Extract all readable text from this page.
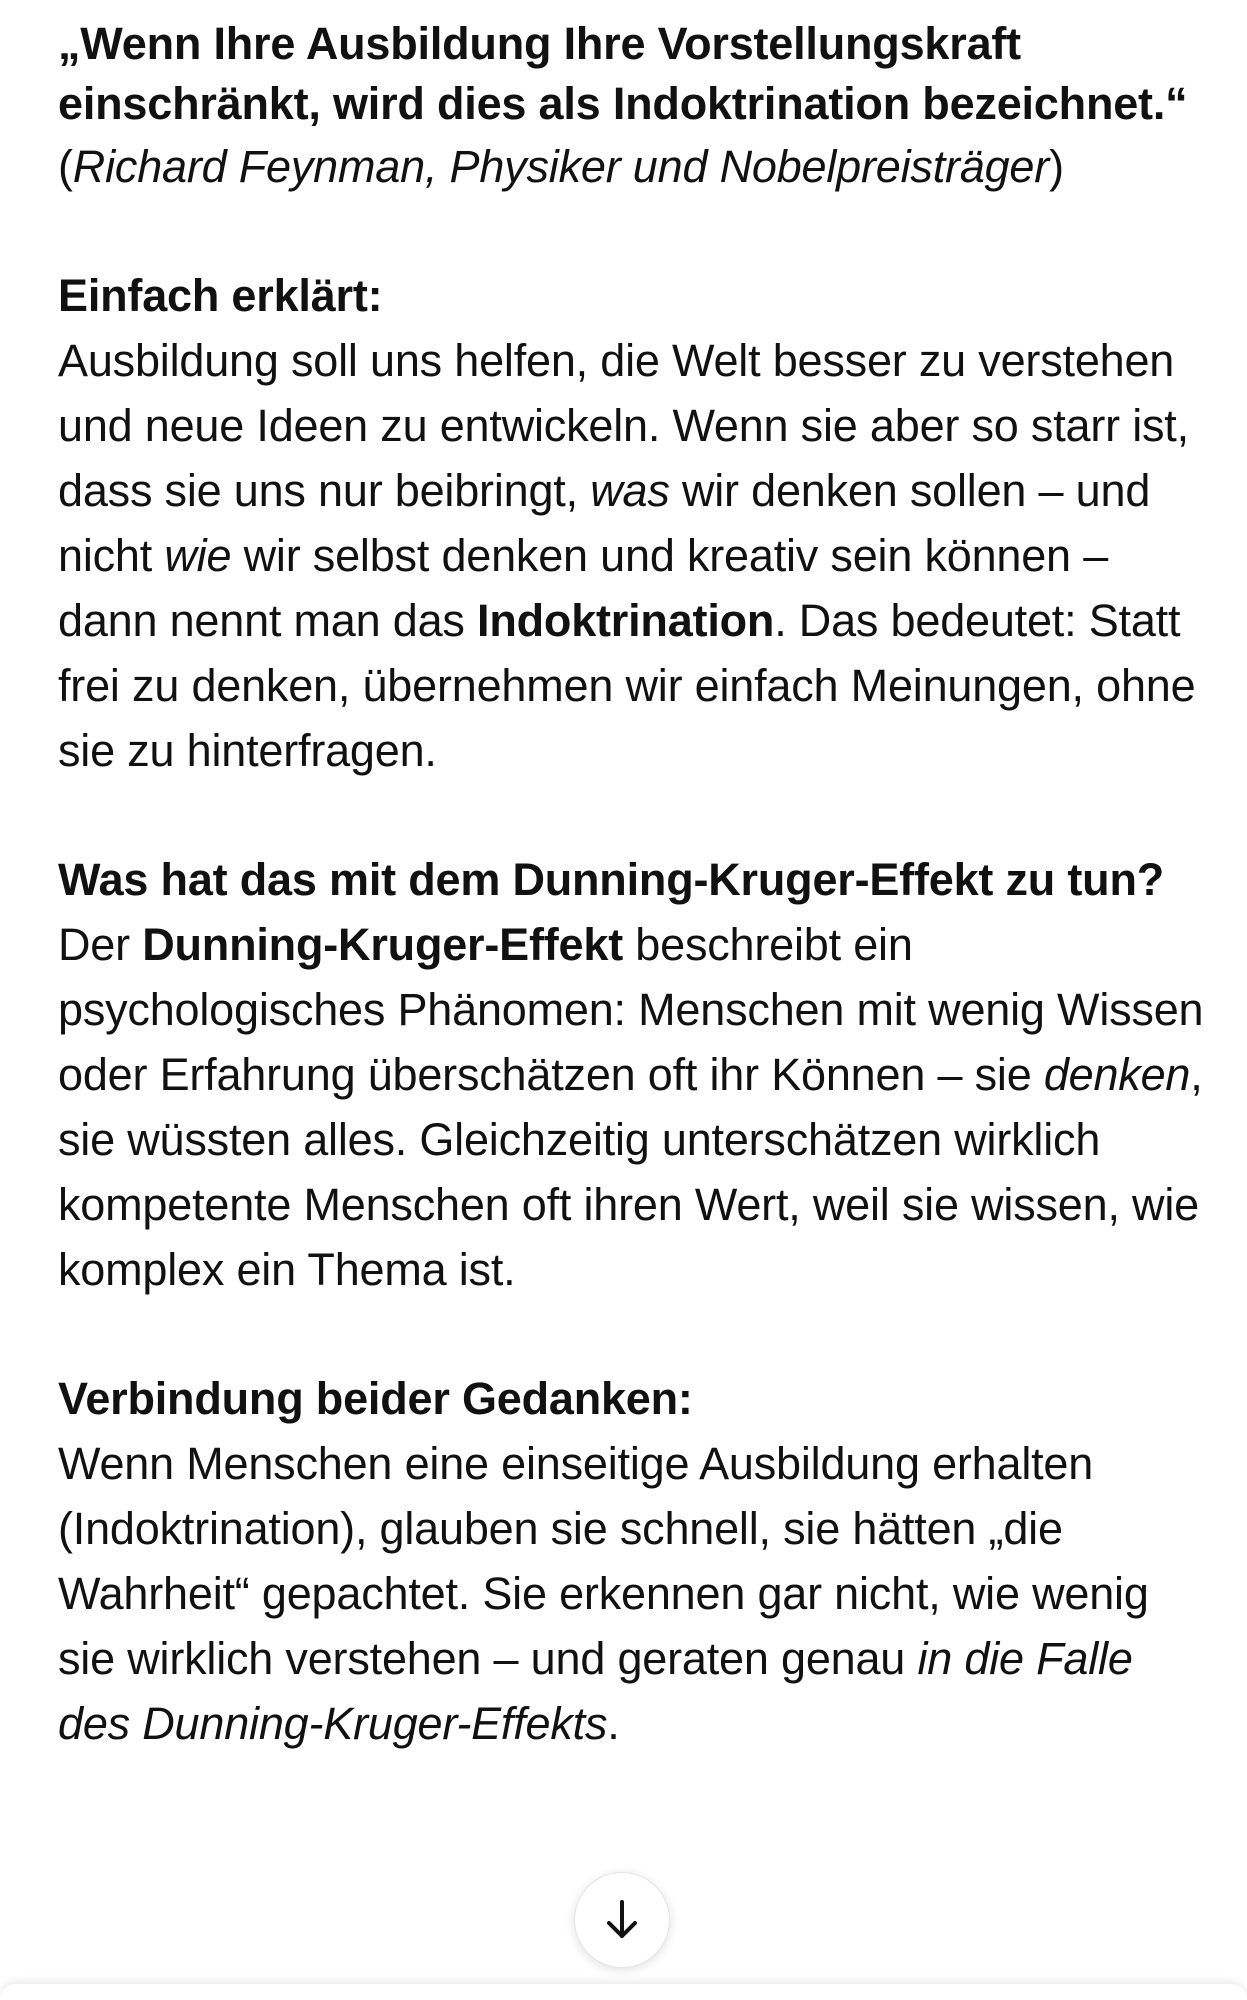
„Wenn Ihre Ausbildung Ihre Vorstellungskraft einschränkt, wird dies als Indoktrination bezeichnet.“

(Richard Feynman, Physiker und Nobelpreisträger)

Einfach erklärt:

Ausbildung soll uns helfen, die Welt besser zu verstehen und neue Ideen zu entwickeln. Wenn sie aber so starr ist, dass sie uns nur beibringt, was wir denken sollen – und nicht wie wir selbst denken und kreativ sein können – dann nennt man das Indoktrination. Das bedeutet: Statt frei zu denken, übernehmen wir einfach Meinungen, ohne sie zu hinterfragen.

Was hat das mit dem Dunning-Kruger-Effekt zu tun?

Der Dunning-Kruger-Effekt beschreibt ein psychologisches Phänomen: Menschen mit wenig Wissen oder Erfahrung überschätzen oft ihr Können – sie denken, sie wüssten alles. Gleichzeitig unterschätzen wirklich kompetente Menschen oft ihren Wert, weil sie wissen, wie komplex ein Thema ist.

Verbindung beider Gedanken:

Wenn Menschen eine einseitige Ausbildung erhalten (Indoktrination), glauben sie schnell, sie hätten „die Wahrheit“ gepachtet. Sie erkennen gar nicht, wie wenig sie wirklich verstehen – und geraten genau in die Falle des Dunning-Kruger-Effekts.
